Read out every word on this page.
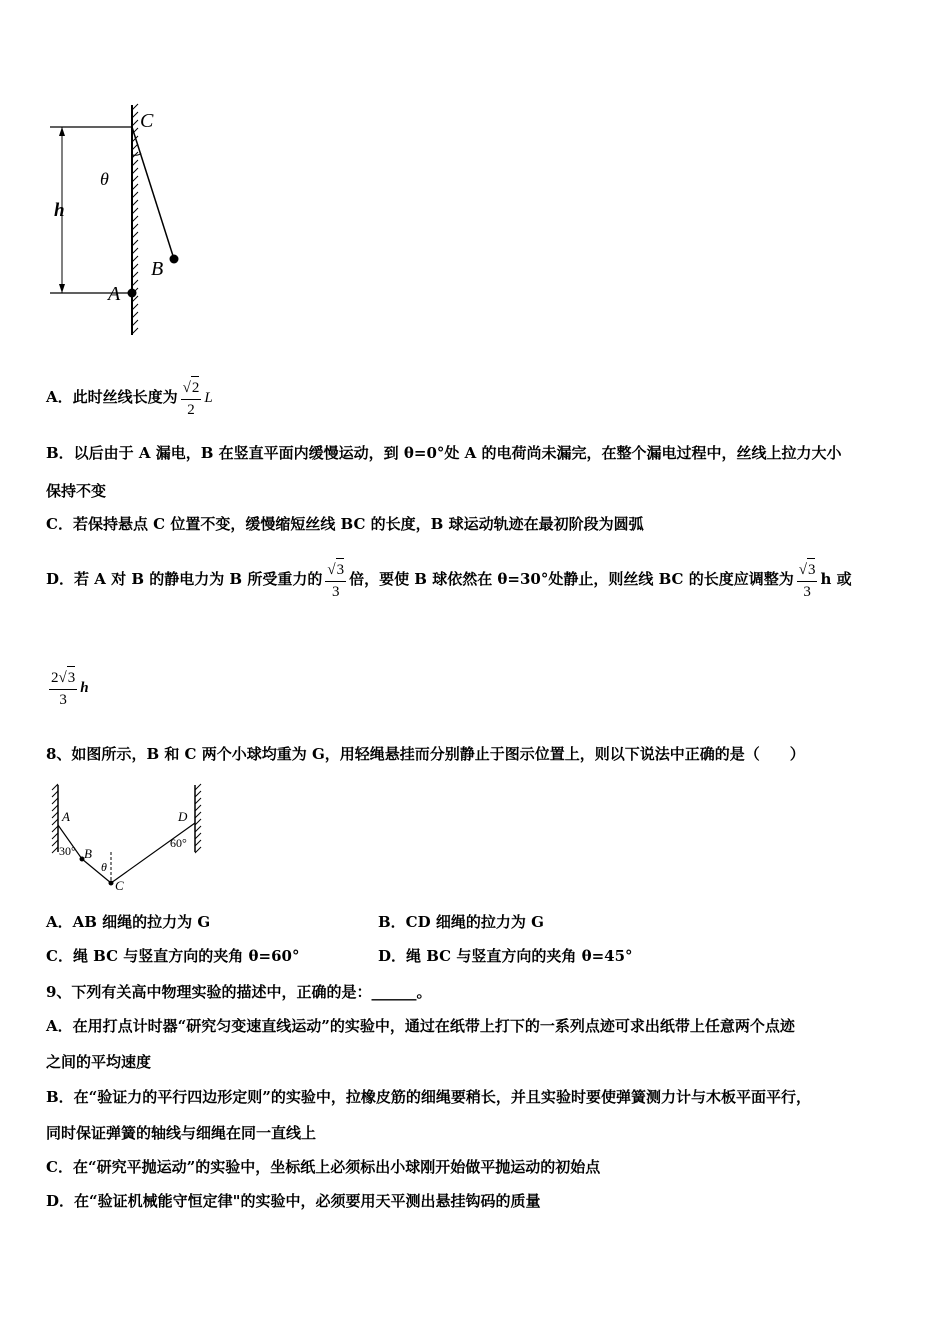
C
θ
h
B
A
A．此时丝线长度为 $\frac{√2}{2}$ L
B．以后由于 A 漏电，B 在竖直平面内缓慢运动，到 θ=0°处 A 的电荷尚未漏完，在整个漏电过程中，丝线上拉力大小
保持不变
C．若保持悬点 C 位置不变，缓慢缩短丝线 BC 的长度，B 球运动轨迹在最初阶段为圆弧
D．若 A 对 B 的静电力为 B 所受重力的 $\frac{√3}{3}$ 倍，要使 B 球依然在 θ=30°处静止，则丝线 BC 的长度应调整为 $\frac{√3}{3}$ h 或
$\frac{2√3}{3}$ h
8、如图所示，B 和 C 两个小球均重为 G，用轻绳悬挂而分别静止于图示位置上，则以下说法中正确的是（　　）
A
30° B
θ
C
D
60°
A．AB 细绳的拉力为 G	B．CD 细绳的拉力为 G
C．绳 BC 与竖直方向的夹角 θ=60°	D．绳 BC 与竖直方向的夹角 θ=45°
9、下列有关高中物理实验的描述中，正确的是：______。
A．在用打点计时器“研究匀变速直线运动”的实验中，通过在纸带上打下的一系列点迹可求出纸带上任意两个点迹
之间的平均速度
B．在“验证力的平行四边形定则”的实验中，拉橡皮筋的细绳要稍长，并且实验时要使弹簧测力计与木板平面平行，
同时保证弹簧的轴线与细绳在同一直线上
C．在“研究平抛运动”的实验中，坐标纸上必须标出小球刚开始做平抛运动的初始点
D．在“验证机械能守恒定律"的实验中，必须要用天平测出悬挂钩码的质量
